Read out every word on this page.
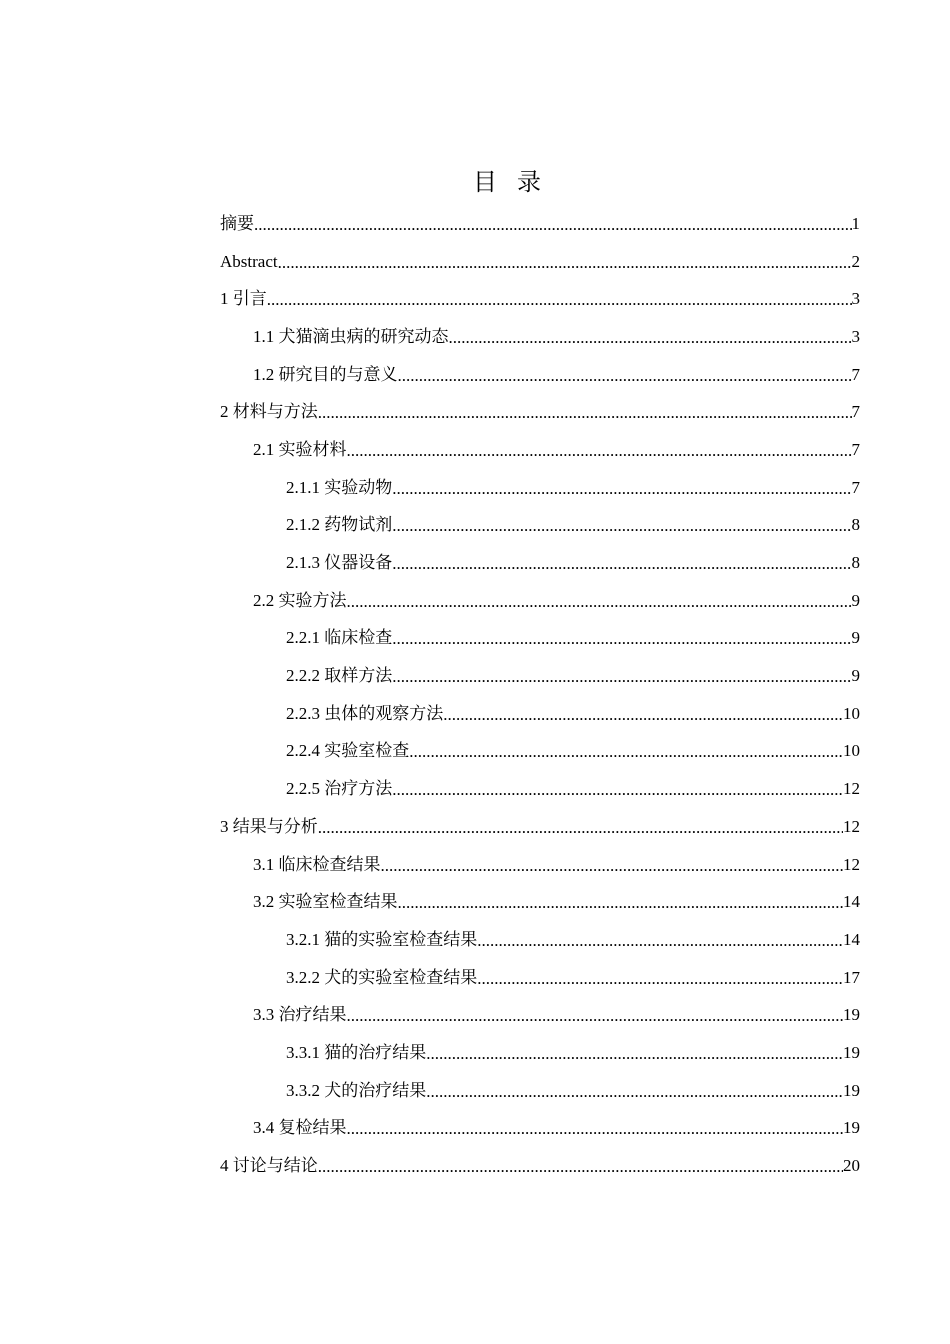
目录
摘要 .....	1
Abstract .....	2
1 引言 .....	3
1.1 犬猫滴虫病的研究动态 .....	3
1.2 研究目的与意义 .....	7
2 材料与方法 .....	7
2.1 实验材料 .....	7
2.1.1 实验动物 .....	7
2.1.2 药物试剂 .....	8
2.1.3 仪器设备 .....	8
2.2 实验方法 .....	9
2.2.1 临床检查 .....	9
2.2.2 取样方法 .....	9
2.2.3 虫体的观察方法 .....	10
2.2.4 实验室检查 .....	10
2.2.5 治疗方法 .....	12
3 结果与分析 .....	12
3.1 临床检查结果 .....	12
3.2 实验室检查结果 .....	14
3.2.1 猫的实验室检查结果 .....	14
3.2.2 犬的实验室检查结果 .....	17
3.3 治疗结果 .....	19
3.3.1 猫的治疗结果 .....	19
3.3.2 犬的治疗结果 .....	19
3.4 复检结果 .....	19
4 讨论与结论 .....	20
